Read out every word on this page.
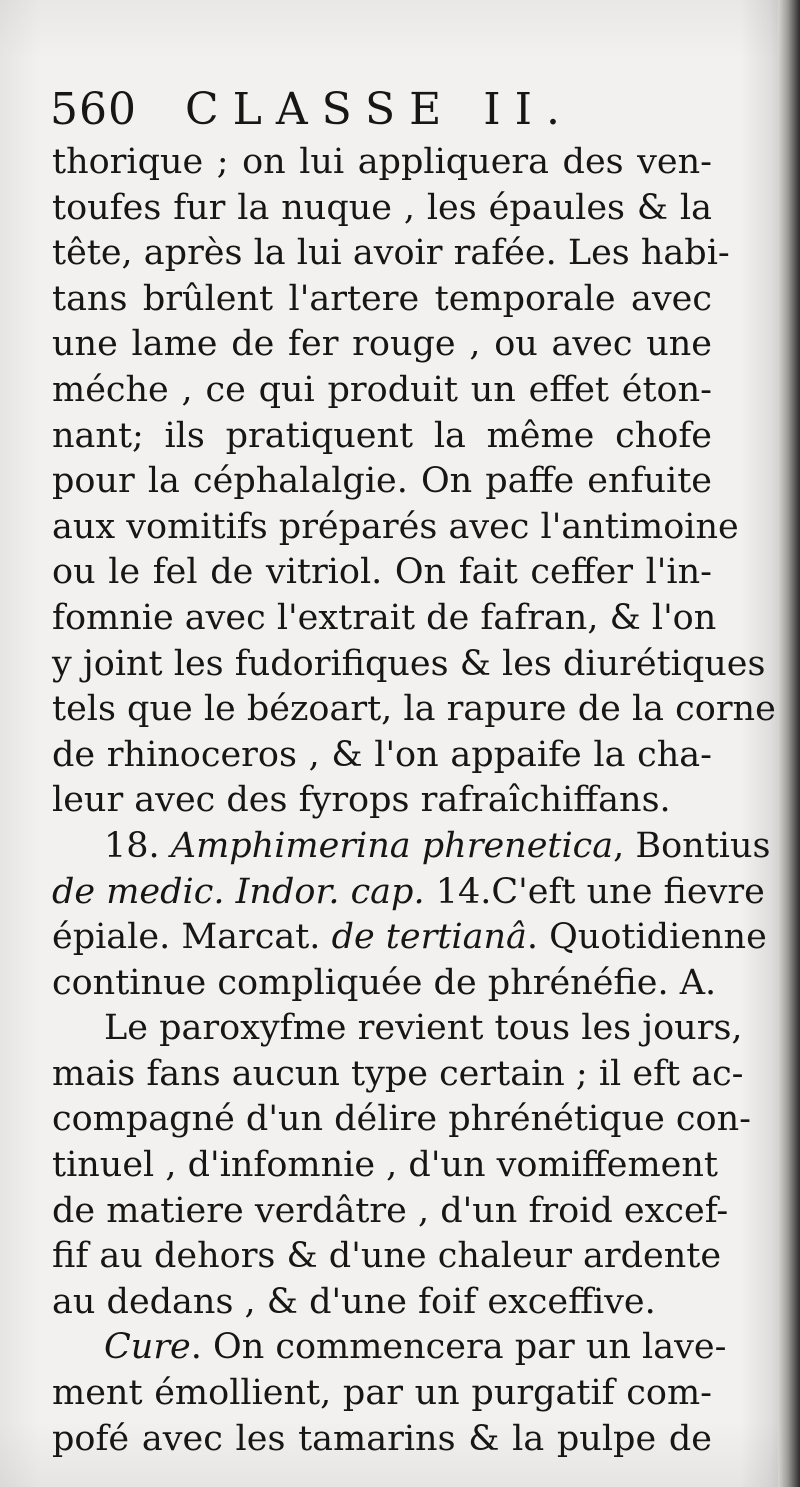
560 CLASSE II.
thorique ; on lui appliquera des ven-
toufes fur la nuque , les épaules & la
tête, après la lui avoir rafée. Les habi-
tans brûlent l'artere temporale avec
une lame de fer rouge , ou avec une
méche , ce qui produit un effet éton-
nant; ils pratiquent la même chofe
pour la céphalalgie. On paffe enfuite
aux vomitifs préparés avec l'antimoine
ou le fel de vitriol. On fait ceffer l'in-
fomnie avec l'extrait de fafran, & l'on
y joint les fudorifiques & les diurétiques
tels que le bézoart, la rapure de la corne
de rhinoceros , & l'on appaife la cha-
leur avec des fyrops rafraîchiffans.
18. Amphimerina phrenetica, Bontius
de medic. Indor. cap. 14.C'eft une fievre
épiale. Marcat. de tertianâ. Quotidienne
continue compliquée de phrénéfie. A.
Le paroxyfme revient tous les jours,
mais fans aucun type certain ; il eft ac-
compagné d'un délire phrénétique con-
tinuel , d'infomnie , d'un vomiffement
de matiere verdâtre , d'un froid excef-
fif au dehors & d'une chaleur ardente
au dedans , & d'une foif exceffive.
Cure. On commencera par un lave-
ment émollient, par un purgatif com-
pofé avec les tamarins & la pulpe de
